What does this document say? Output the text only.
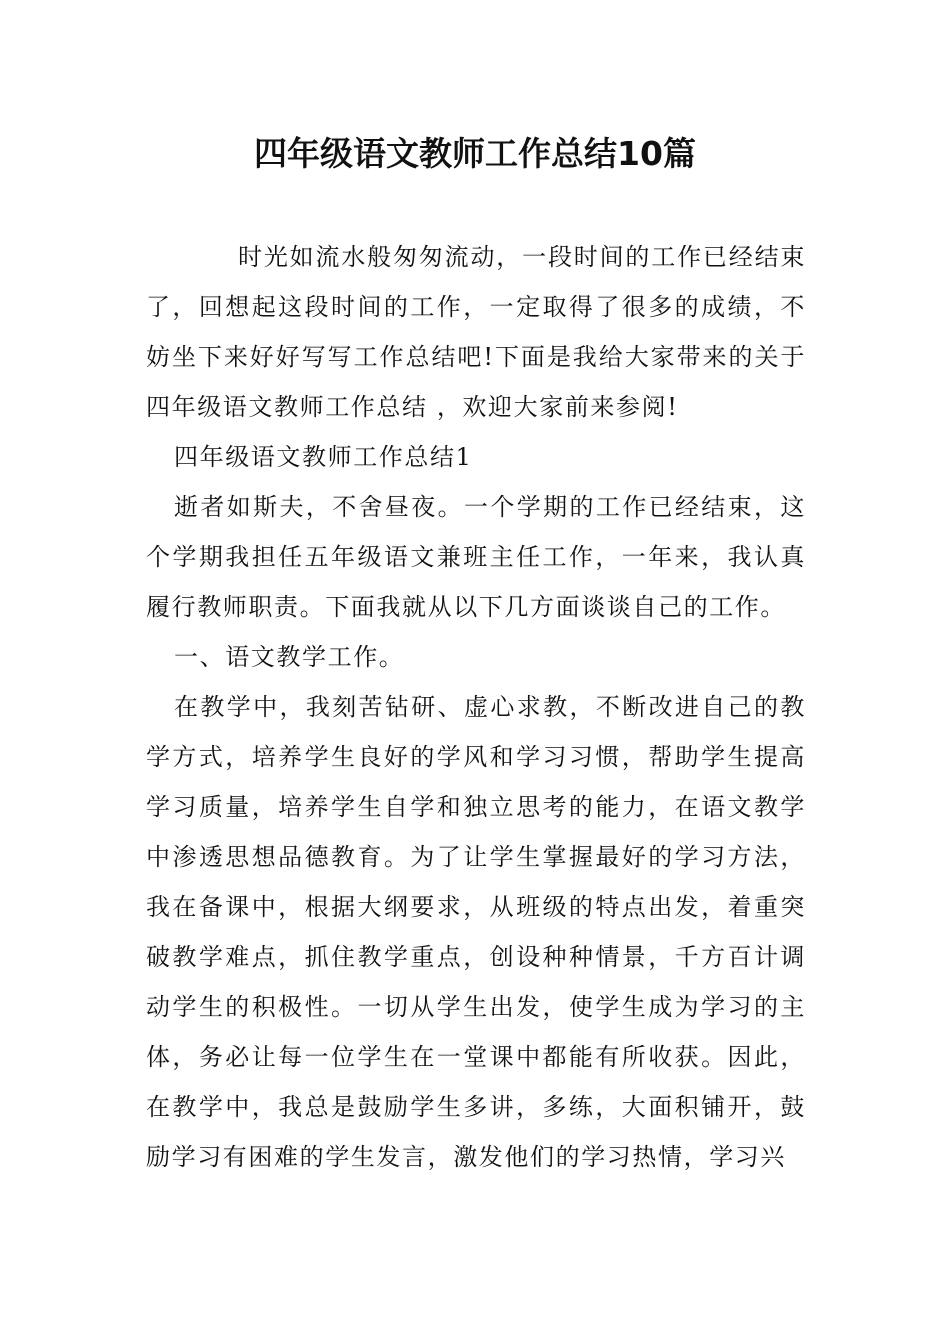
四年级语文教师工作总结10篇

时光如流水般匆匆流动，一段时间的工作已经结束了，回想起这段时间的工作，一定取得了很多的成绩，不妨坐下来好好写写工作总结吧!下面是我给大家带来的关于四年级语文教师工作总结 ，欢迎大家前来参阅!

四年级语文教师工作总结1

逝者如斯夫，不舍昼夜。一个学期的工作已经结束，这个学期我担任五年级语文兼班主任工作，一年来，我认真履行教师职责。下面我就从以下几方面谈谈自己的工作。

一、语文教学工作。

在教学中，我刻苦钻研、虚心求教，不断改进自己的教学方式，培养学生良好的学风和学习习惯，帮助学生提高学习质量，培养学生自学和独立思考的能力，在语文教学中渗透思想品德教育。为了让学生掌握最好的学习方法，我在备课中，根据大纲要求，从班级的特点出发，着重突破教学难点，抓住教学重点，创设种种情景，千方百计调动学生的积极性。一切从学生出发，使学生成为学习的主体，务必让每一位学生在一堂课中都能有所收获。因此，在教学中，我总是鼓励学生多讲，多练，大面积铺开，鼓励学习有困难的学生发言，激发他们的学习热情，学习兴
